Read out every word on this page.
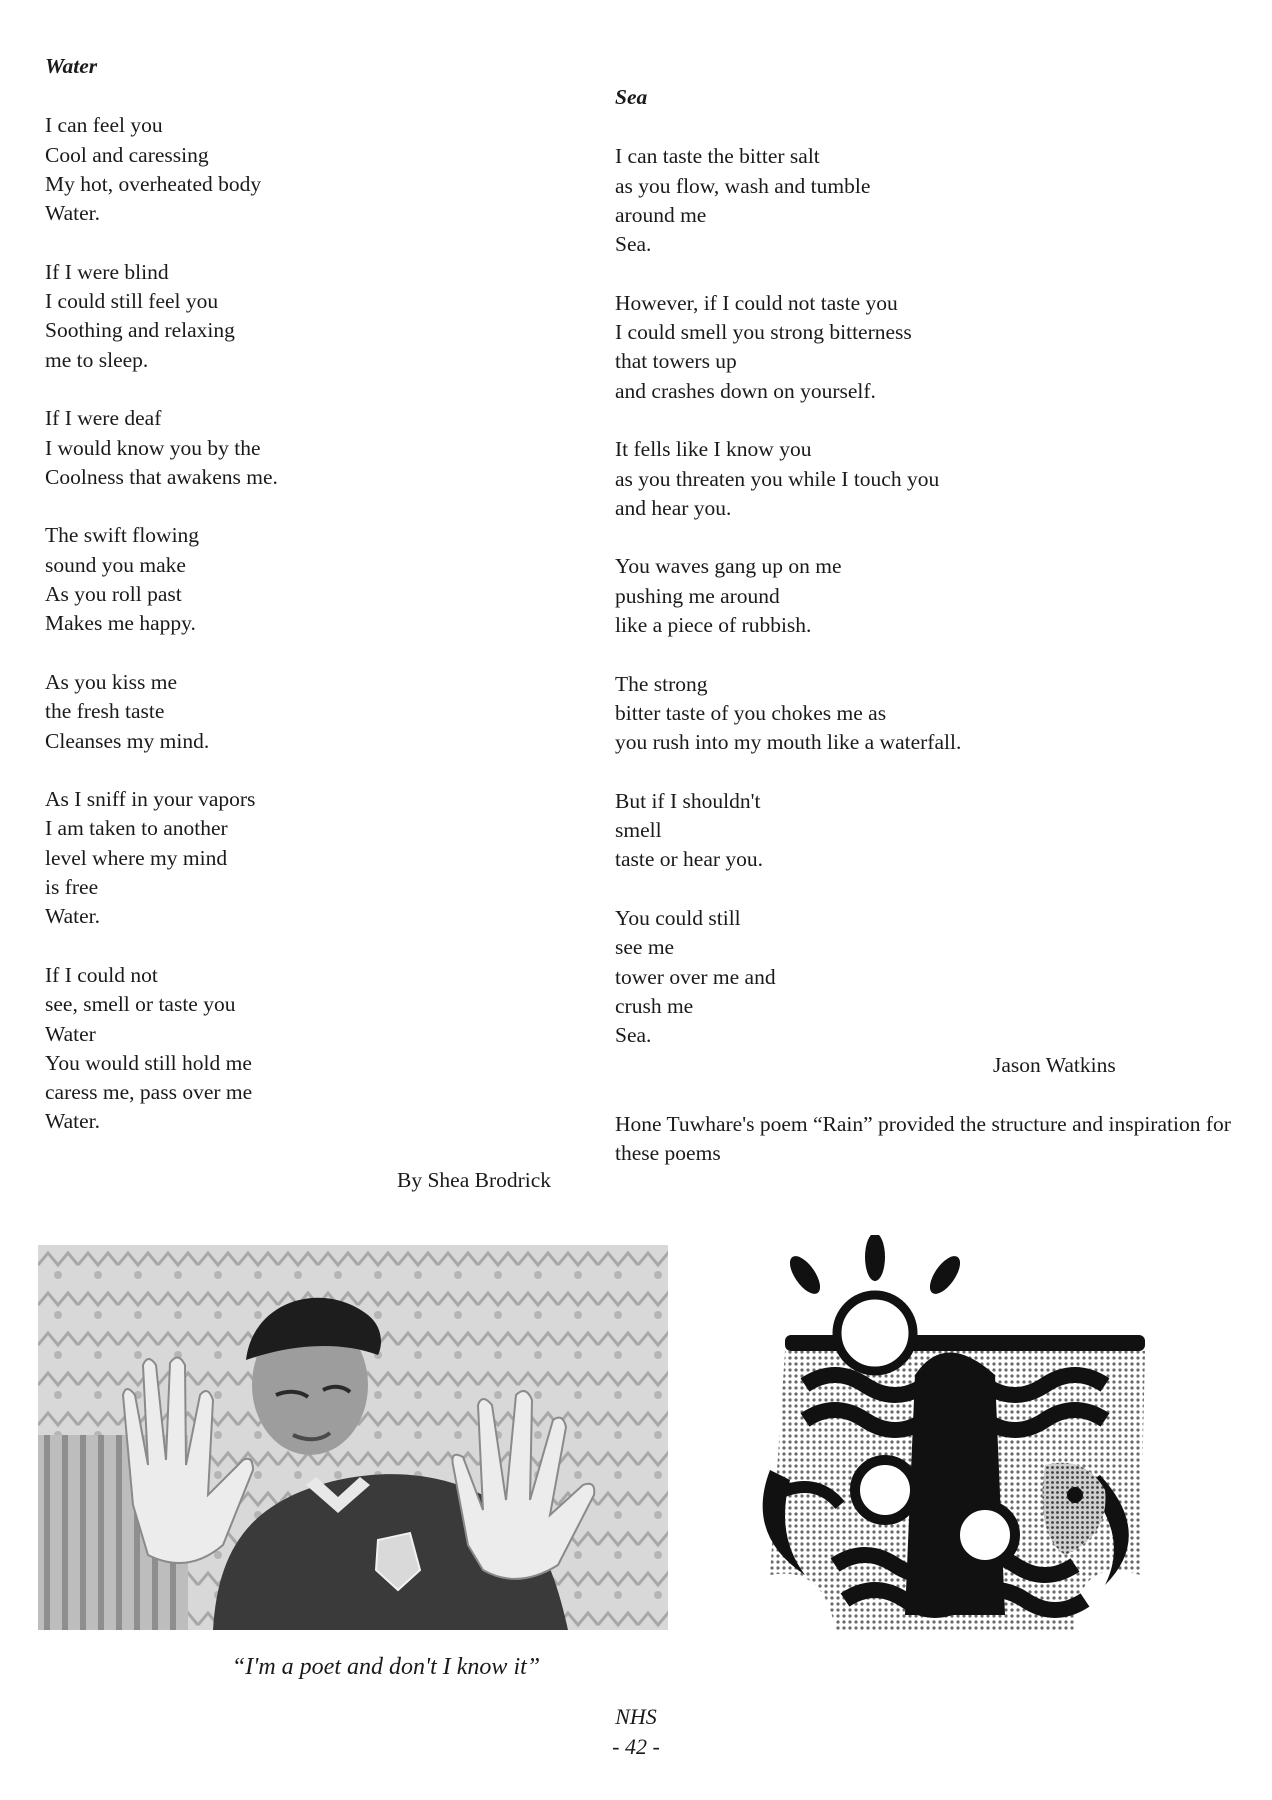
Water
I can feel you
Cool and caressing
My hot, overheated body
Water.
If I were blind
I could still feel you
Soothing and relaxing
me to sleep.
If I were deaf
I would know you by the
Coolness that awakens me.
The swift flowing
sound you make
As you roll past
Makes me happy.
As you kiss me
the fresh taste
Cleanses my mind.
As I sniff in your vapors
I am taken to another
level where my mind
is free
Water.
If I could not
see, smell or taste you
Water
You would still hold me
caress me, pass over me
Water.
Sea
I can taste the bitter salt
as you flow, wash and tumble
around me
Sea.
However, if I could not taste you
I could smell you strong bitterness
that towers up
and crashes down on yourself.
It fells like I know you
as you threaten you while I touch you
and hear you.
You waves gang up on me
pushing me around
like a piece of rubbish.
The strong
bitter taste of you chokes me as
you rush into my mouth like a waterfall.
But if I shouldn't
smell
taste or hear you.
You could still
see me
tower over me and
crush me
Sea.
Jason Watkins
Hone Tuwhare's poem “Rain” provided the structure and inspiration for these poems
By Shea Brodrick
“I'm a poet and don't I know it”
NHS
- 42 -
